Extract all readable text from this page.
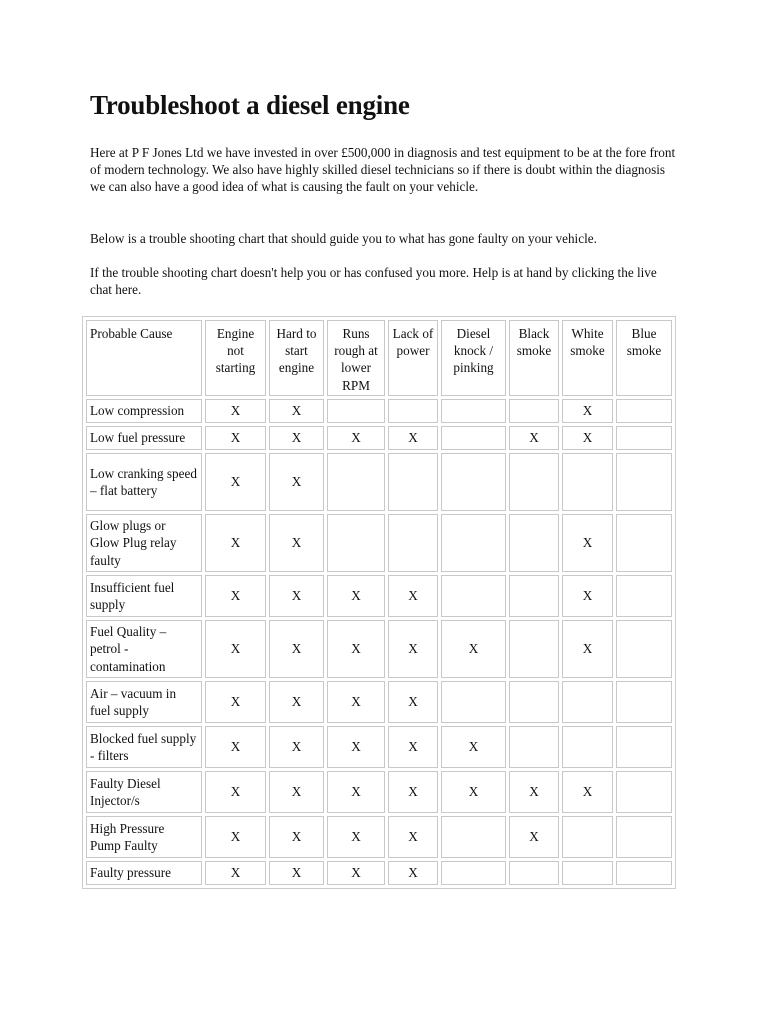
Troubleshoot a diesel engine

Here at P F Jones Ltd we have invested in over £500,000 in diagnosis and test equipment to be at the fore front of modern technology. We also have highly skilled diesel technicians so if there is doubt within the diagnosis we can also have a good idea of what is causing the fault on your vehicle.

Below is a trouble shooting chart that should guide you to what has gone faulty on your vehicle.

If the trouble shooting chart doesn't help you or has confused you more. Help is at hand by clicking the live chat here.

Probable Cause	Engine not starting	Hard to start engine	Runs rough at lower RPM	Lack of power	Diesel knock / pinking	Black smoke	White smoke	Blue smoke
Low compression	X	X					X	
Low fuel pressure	X	X	X	X		X	X	
Low cranking speed – flat battery	X	X						
Glow plugs or Glow Plug relay faulty	X	X					X	
Insufficient fuel supply	X	X	X	X			X	
Fuel Quality – petrol - contamination	X	X	X	X	X		X	
Air – vacuum in fuel supply	X	X	X	X				
Blocked fuel supply - filters	X	X	X	X	X			
Faulty Diesel Injector/s	X	X	X	X	X	X	X	
High Pressure Pump Faulty	X	X	X	X		X		
Faulty pressure	X	X	X	X				
